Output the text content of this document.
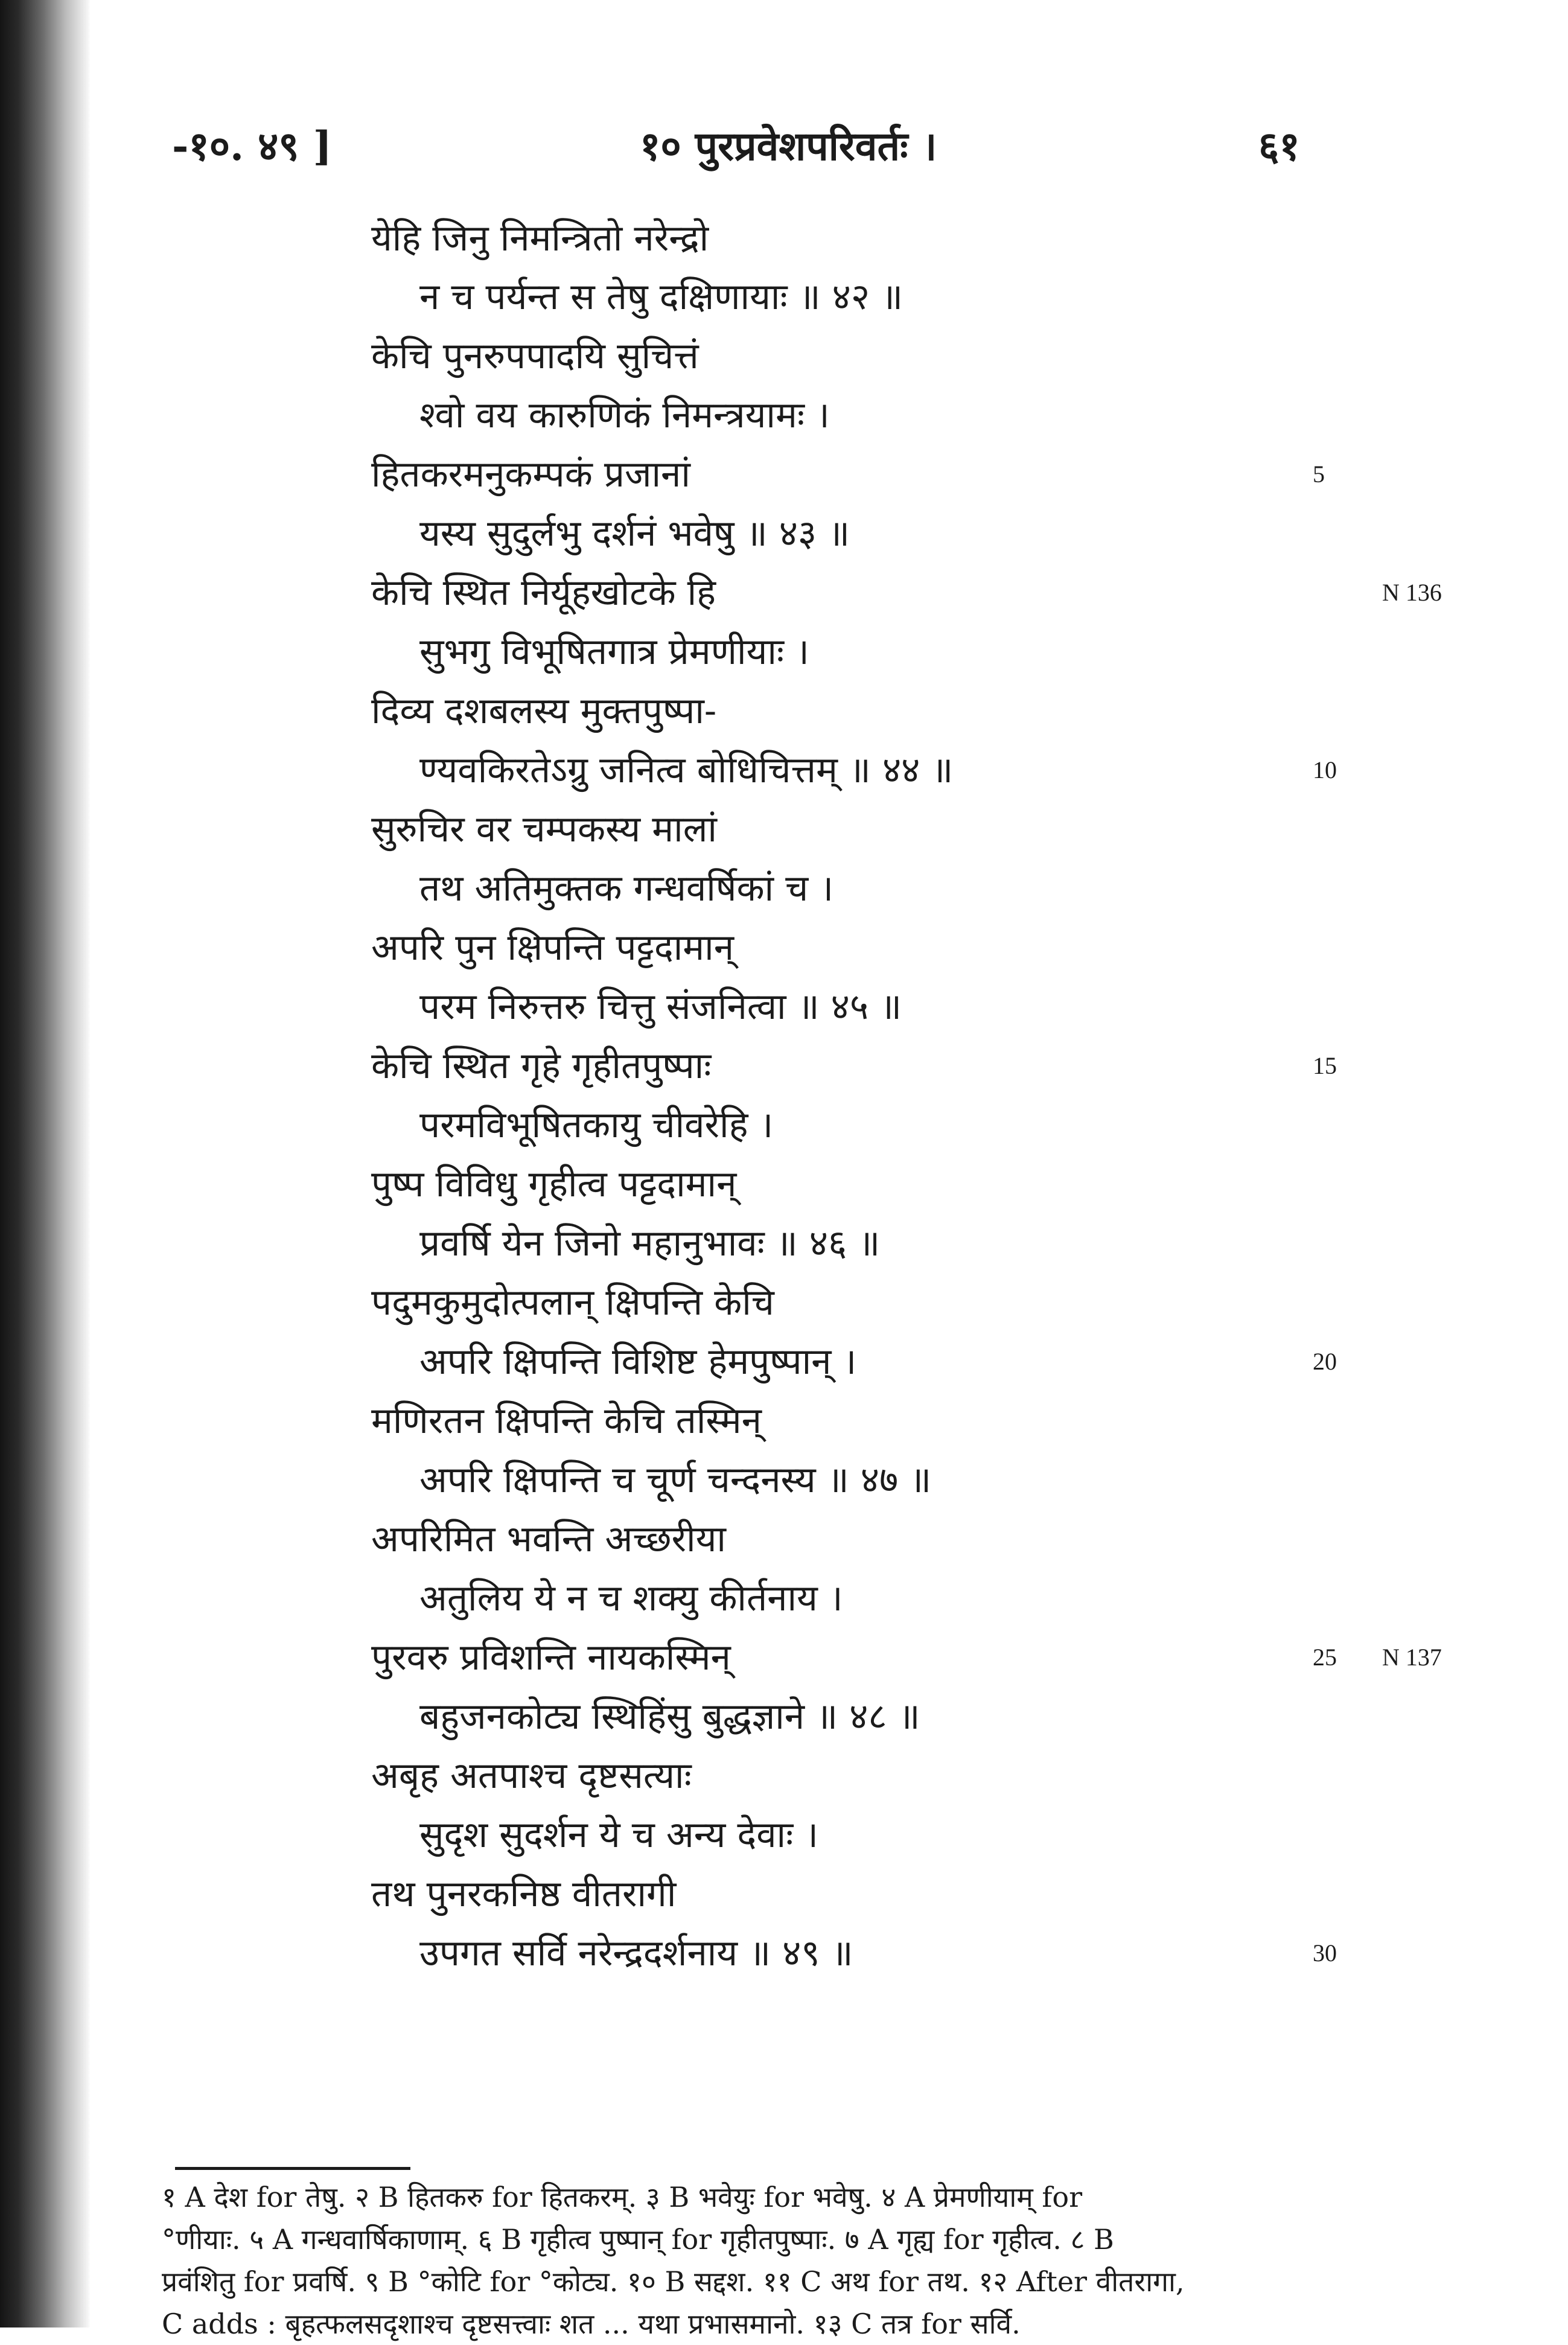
-१०. ४९ ]	१० पुरप्रवेशपरिवर्तः ।	६१
येहि जिनु निमन्त्रितो नरेन्द्रो
न च पर्यन्त स तेषु दक्षिणायाः ॥ ४२ ॥
केचि पुनरुपपादयि सुचित्तं
श्वो वय कारुणिकं निमन्त्रयामः ।
हितकरमनुकम्पकं प्रजानां
यस्य सुदुर्लभु दर्शनं भवेषु ॥ ४३ ॥
केचि स्थित निर्यूहखोटके हि
सुभगु विभूषितगात्र प्रेमणीयाः ।
दिव्य दशबलस्य मुक्तपुष्पा-
ण्यवकिरतेऽग्रु जनित्व बोधिचित्तम् ॥ ४४ ॥
सुरुचिर वर चम्पकस्य मालां
तथ अतिमुक्तक गन्धवर्षिकां च ।
अपरि पुन क्षिपन्ति पट्टदामान्
परम निरुत्तरु चित्तु संजनित्वा ॥ ४५ ॥
केचि स्थित गृहे गृहीतपुष्पाः
परमविभूषितकायु चीवरेहि ।
पुष्प विविधु गृहीत्व पट्टदामान्
प्रवर्षि येन जिनो महानुभावः ॥ ४६ ॥
पदुमकुमुदोत्पलान् क्षिपन्ति केचि
अपरि क्षिपन्ति विशिष्ट हेमपुष्पान् ।
मणिरतन क्षिपन्ति केचि तस्मिन्
अपरि क्षिपन्ति च चूर्ण चन्दनस्य ॥ ४७ ॥
अपरिमित भवन्ति अच्छरीया
अतुलिय ये न च शक्यु कीर्तनाय ।
पुरवरु प्रविशन्ति नायकस्मिन्
बहुजनकोट्य स्थिहिंसु बुद्धज्ञाने ॥ ४८ ॥
अबृह अतपाश्च दृष्टसत्याः
सुदृश सुदर्शन ये च अन्य देवाः ।
तथ पुनरकनिष्ठ वीतरागी
उपगत सर्वि नरेन्द्रदर्शनाय ॥ ४९ ॥
5
10
15
20
25
30
N 136
N 137

१ A देश for तेषु. २ B हितकरु for हितकरम्. ३ B भवेयुः for भवेषु. ४ A प्रेमणीयाम् for

°णीयाः. ५ A गन्धवार्षिकाणाम्. ६ B गृहीत्व पुष्पान् for गृहीतपुष्पाः. ७ A गृह्य for गृहीत्व. ८ B

प्रवंशितु for प्रवर्षि. ९ B °कोटि for °कोट्य. १० B सद्दश. ११ C अथ for तथ. १२ After वीतरागा,

C adds : बृहत्फलसदृशाश्च दृष्टसत्त्वाः शत ... यथा प्रभासमानो. १३ C तत्र for सर्वि.
